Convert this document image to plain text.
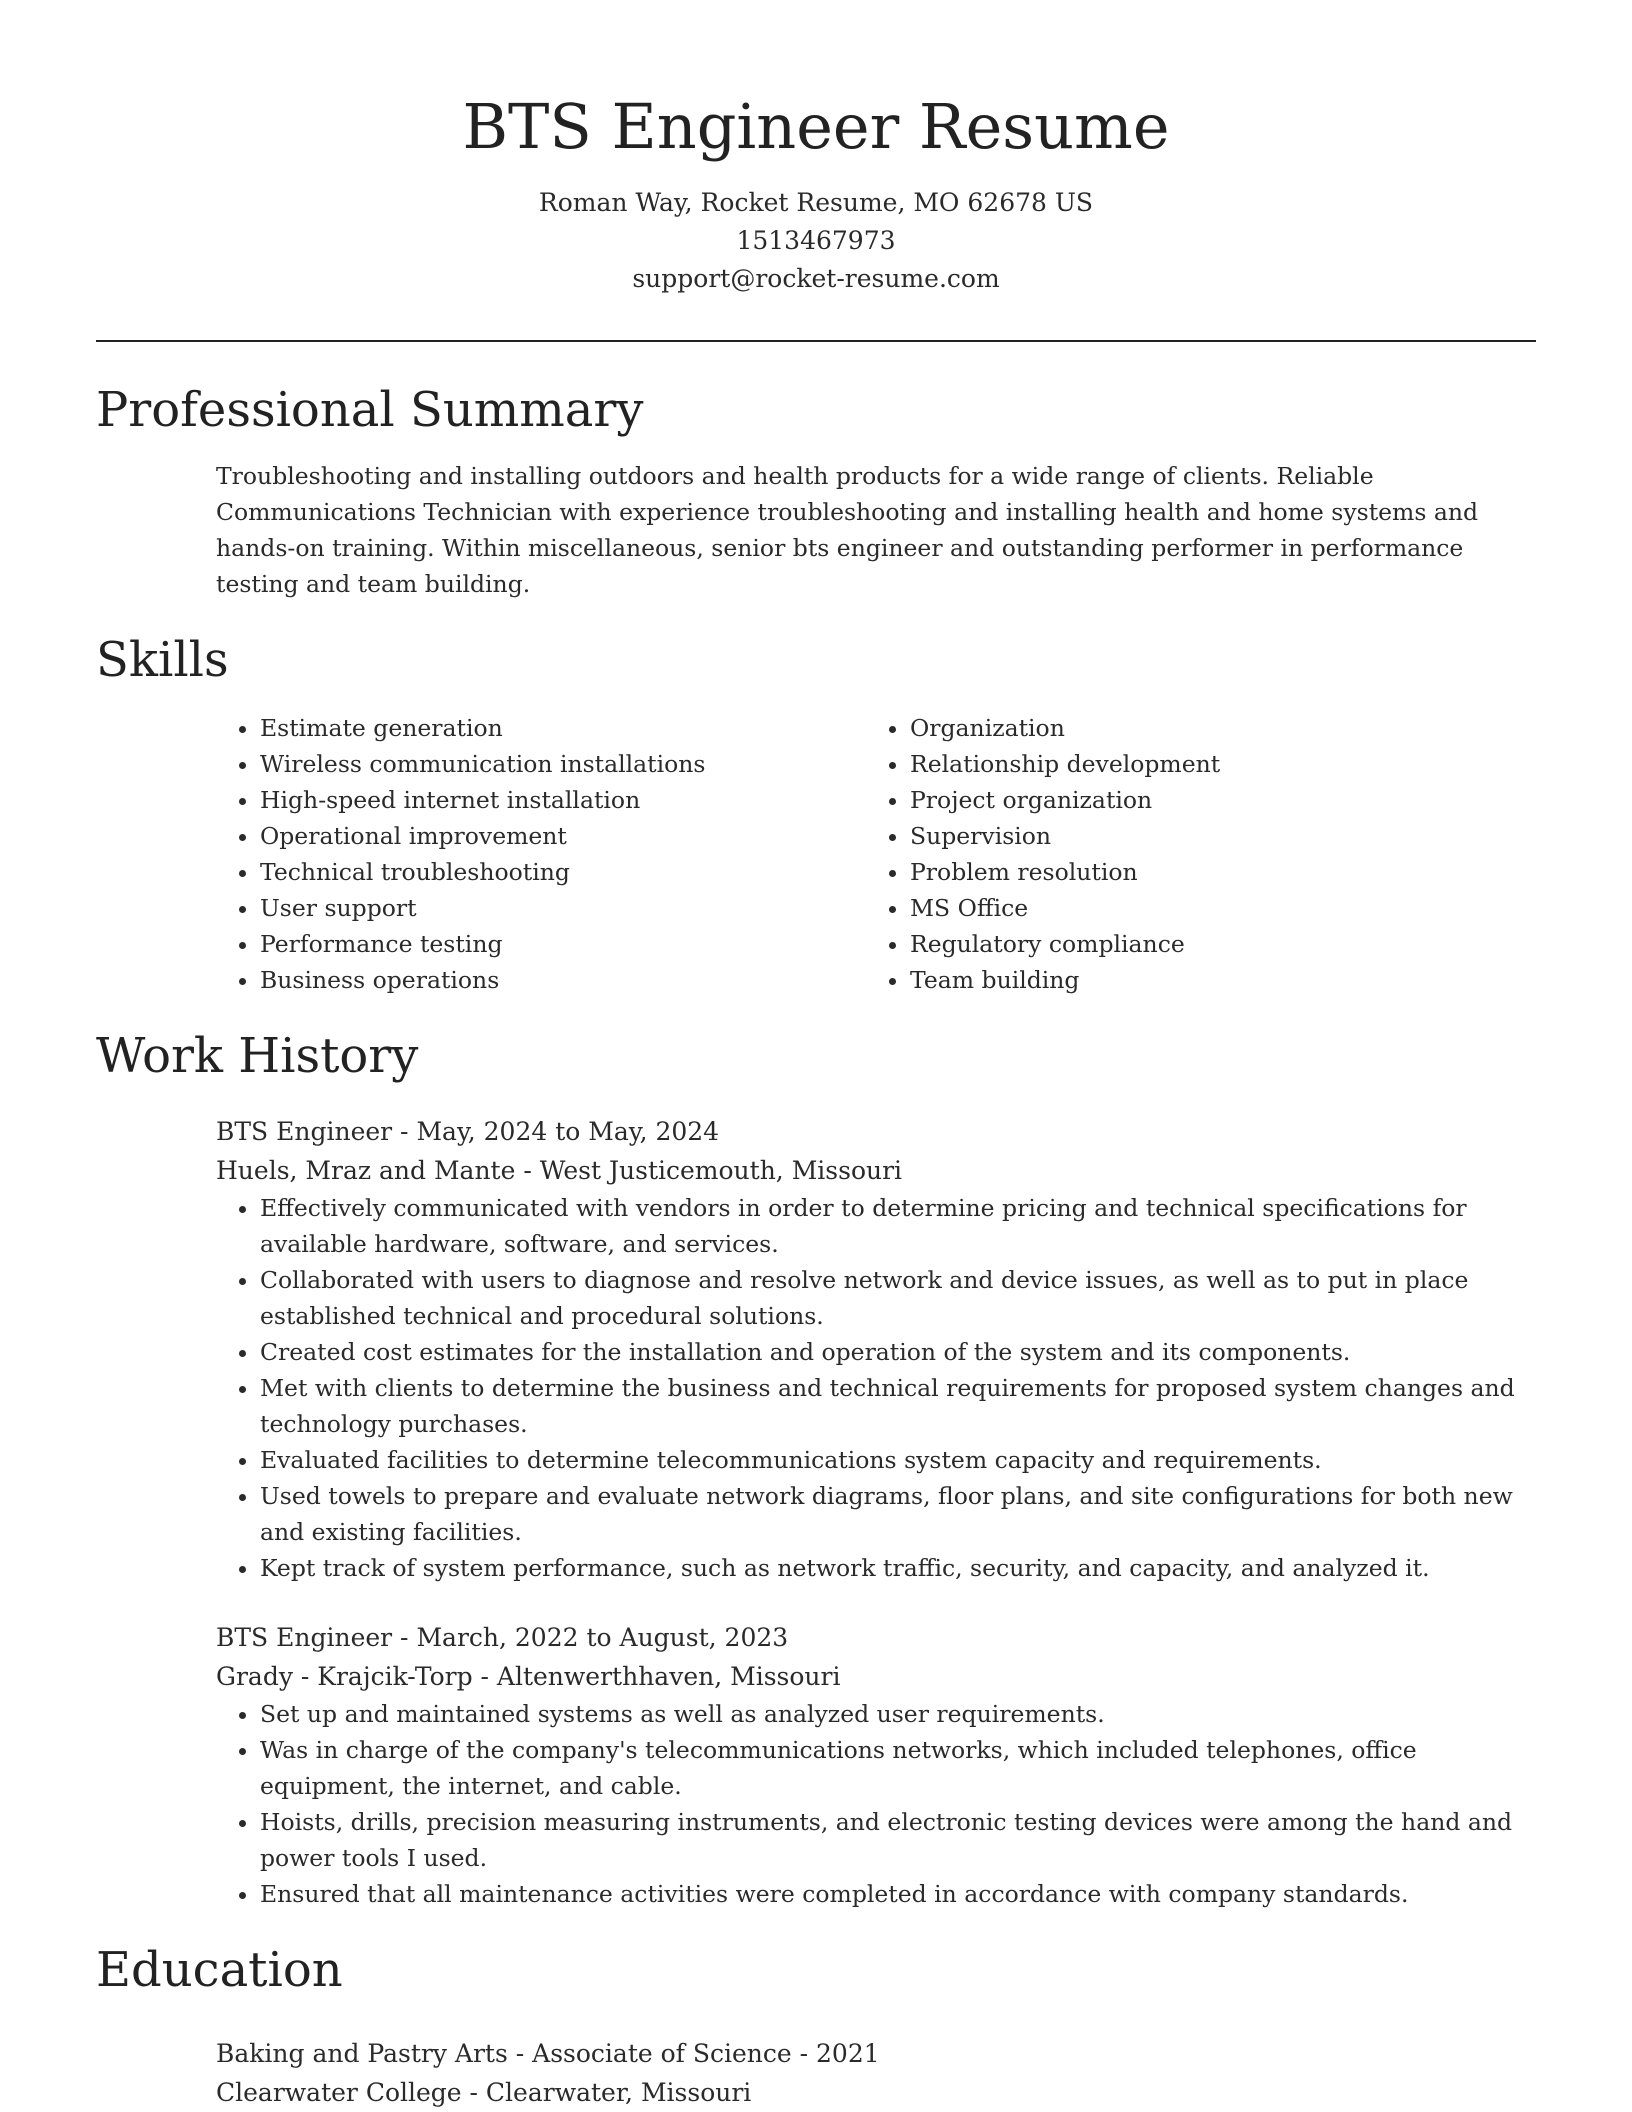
BTS Engineer Resume
Roman Way, Rocket Resume, MO 62678 US
1513467973
support@rocket-resume.com
Professional Summary

Troubleshooting and installing outdoors and health products for a wide range of clients. Reliable Communications Technician with experience troubleshooting and installing health and home systems and hands-on training. Within miscellaneous, senior bts engineer and outstanding performer in performance testing and team building.

Skills
• Estimate generation
• Wireless communication installations
• High-speed internet installation
• Operational improvement
• Technical troubleshooting
• User support
• Performance testing
• Business operations
• Organization
• Relationship development
• Project organization
• Supervision
• Problem resolution
• MS Office
• Regulatory compliance
• Team building
Work History
BTS Engineer - May, 2024 to May, 2024
Huels, Mraz and Mante - West Justicemouth, Missouri
• Effectively communicated with vendors in order to determine pricing and technical specifications for available hardware, software, and services.
• Collaborated with users to diagnose and resolve network and device issues, as well as to put in place established technical and procedural solutions.
• Created cost estimates for the installation and operation of the system and its components.
• Met with clients to determine the business and technical requirements for proposed system changes and technology purchases.
• Evaluated facilities to determine telecommunications system capacity and requirements.
• Used towels to prepare and evaluate network diagrams, floor plans, and site configurations for both new and existing facilities.
• Kept track of system performance, such as network traffic, security, and capacity, and analyzed it.
BTS Engineer - March, 2022 to August, 2023
Grady - Krajcik-Torp - Altenwerthhaven, Missouri
• Set up and maintained systems as well as analyzed user requirements.
• Was in charge of the company's telecommunications networks, which included telephones, office equipment, the internet, and cable.
• Hoists, drills, precision measuring instruments, and electronic testing devices were among the hand and power tools I used.
• Ensured that all maintenance activities were completed in accordance with company standards.
Education
Baking and Pastry Arts - Associate of Science - 2021
Clearwater College - Clearwater, Missouri
